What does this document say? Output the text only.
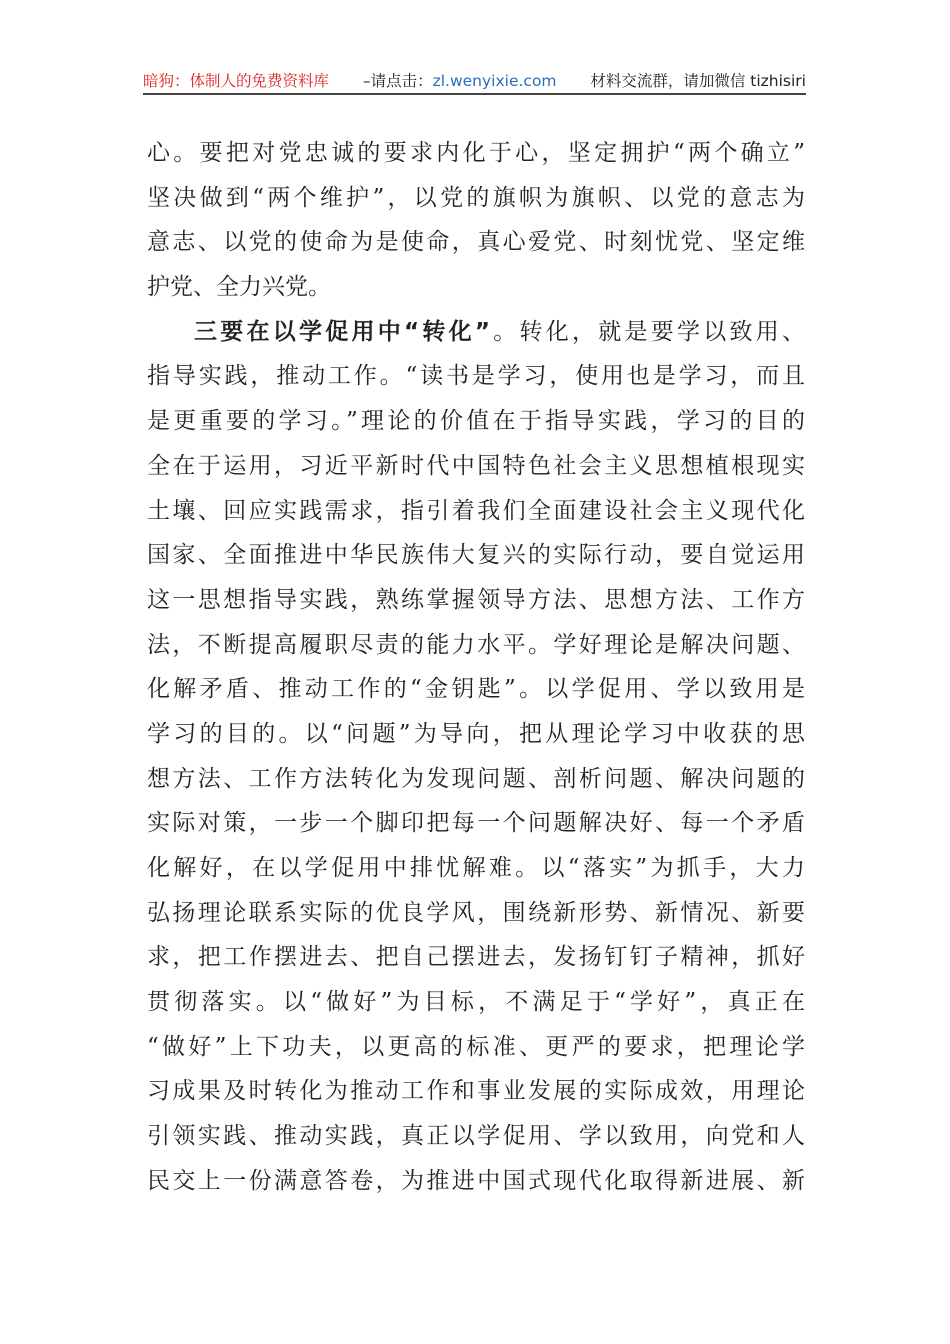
暗狗：体制人的免费资料库 –请点击：zl.wenyixie.com 材料交流群，请加微信 tizhisiri
心。要把对党忠诚的要求内化于心，坚定拥护“两个确立”
坚决做到“两个维护”，以党的旗帜为旗帜、以党的意志为
意志、以党的使命为是使命，真心爱党、时刻忧党、坚定维
护党、全力兴党。
三要在以学促用中“转化”。转化，就是要学以致用、
指导实践，推动工作。“读书是学习，使用也是学习，而且
是更重要的学习。”理论的价值在于指导实践，学习的目的
全在于运用，习近平新时代中国特色社会主义思想植根现实
土壤、回应实践需求，指引着我们全面建设社会主义现代化
国家、全面推进中华民族伟大复兴的实际行动，要自觉运用
这一思想指导实践，熟练掌握领导方法、思想方法、工作方
法，不断提高履职尽责的能力水平。学好理论是解决问题、
化解矛盾、推动工作的“金钥匙”。以学促用、学以致用是
学习的目的。以“问题”为导向，把从理论学习中收获的思
想方法、工作方法转化为发现问题、剖析问题、解决问题的
实际对策，一步一个脚印把每一个问题解决好、每一个矛盾
化解好，在以学促用中排忧解难。以“落实”为抓手，大力
弘扬理论联系实际的优良学风，围绕新形势、新情况、新要
求，把工作摆进去、把自己摆进去，发扬钉钉子精神，抓好
贯彻落实。以“做好”为目标，不满足于“学好”，真正在
“做好”上下功夫，以更高的标准、更严的要求，把理论学
习成果及时转化为推动工作和事业发展的实际成效，用理论
引领实践、推动实践，真正以学促用、学以致用，向党和人
民交上一份满意答卷，为推进中国式现代化取得新进展、新
